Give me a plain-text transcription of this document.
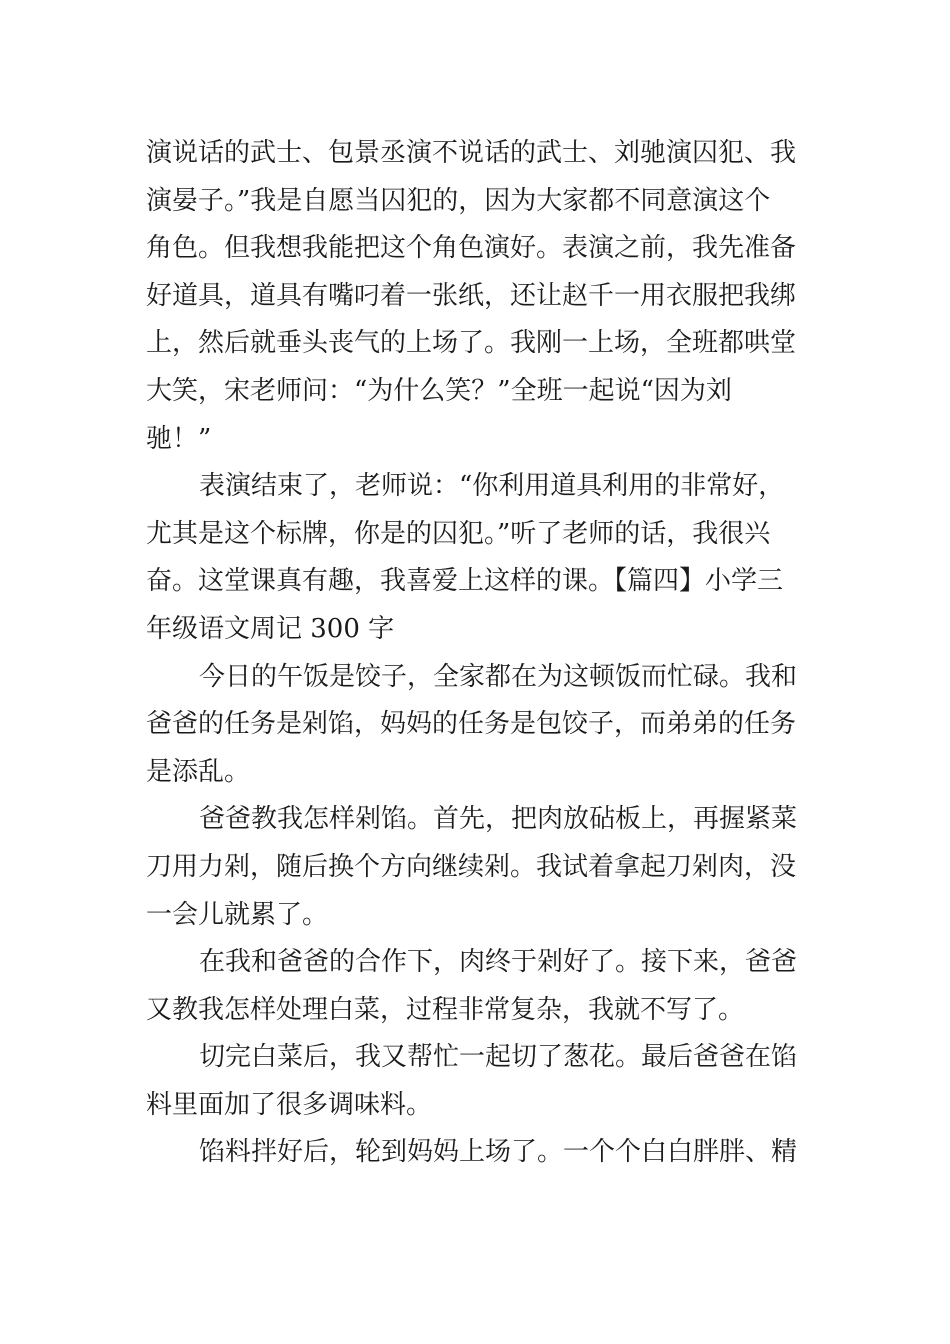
演说话的武士、包景丞演不说话的武士、刘驰演囚犯、我
演晏子。”我是自愿当囚犯的，因为大家都不同意演这个
角色。但我想我能把这个角色演好。表演之前，我先准备
好道具，道具有嘴叼着一张纸，还让赵千一用衣服把我绑
上，然后就垂头丧气的上场了。我刚一上场，全班都哄堂
大笑，宋老师问：“为什么笑？”全班一起说“因为刘
驰！”
表演结束了，老师说：“你利用道具利用的非常好，
尤其是这个标牌，你是的囚犯。”听了老师的话，我很兴
奋。这堂课真有趣，我喜爱上这样的课。【篇四】小学三
年级语文周记 300 字
今日的午饭是饺子，全家都在为这顿饭而忙碌。我和
爸爸的任务是剁馅，妈妈的任务是包饺子，而弟弟的任务
是添乱。
爸爸教我怎样剁馅。首先，把肉放砧板上，再握紧菜
刀用力剁，随后换个方向继续剁。我试着拿起刀剁肉，没
一会儿就累了。
在我和爸爸的合作下，肉终于剁好了。接下来，爸爸
又教我怎样处理白菜，过程非常复杂，我就不写了。
切完白菜后，我又帮忙一起切了葱花。最后爸爸在馅
料里面加了很多调味料。
馅料拌好后，轮到妈妈上场了。一个个白白胖胖、精
